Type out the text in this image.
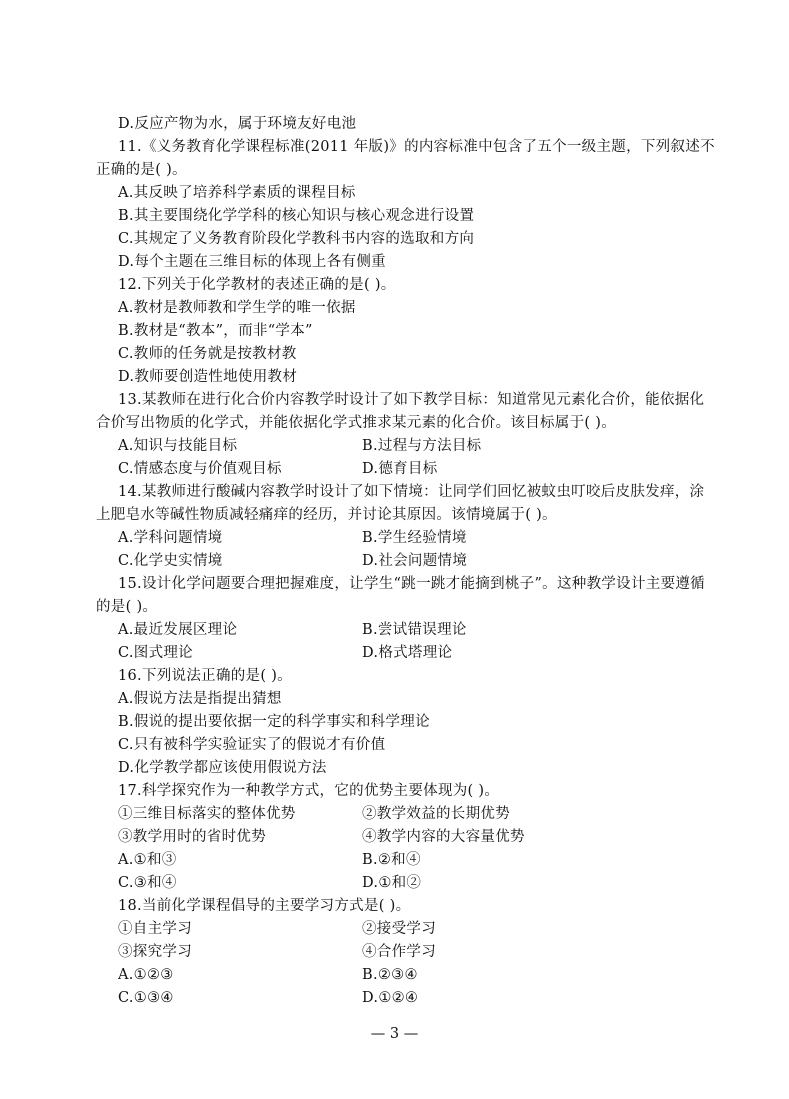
D.反应产物为水，属于环境友好电池
11.《义务教育化学课程标准(2011 年版)》的内容标准中包含了五个一级主题，下列叙述不
正确的是( )。
A.其反映了培养科学素质的课程目标
B.其主要围绕化学学科的核心知识与核心观念进行设置
C.其规定了义务教育阶段化学教科书内容的选取和方向
D.每个主题在三维目标的体现上各有侧重
12.下列关于化学教材的表述正确的是( )。
A.教材是教师教和学生学的唯一依据
B.教材是“教本”，而非“学本”
C.教师的任务就是按教材教
D.教师要创造性地使用教材
13.某教师在进行化合价内容教学时设计了如下教学目标：知道常见元素化合价，能依据化
合价写出物质的化学式，并能依据化学式推求某元素的化合价。该目标属于( )。
A.知识与技能目标	B.过程与方法目标
C.情感态度与价值观目标	D.德育目标
14.某教师进行酸碱内容教学时设计了如下情境：让同学们回忆被蚊虫叮咬后皮肤发痒，涂
上肥皂水等碱性物质减轻痛痒的经历，并讨论其原因。该情境属于( )。
A.学科问题情境	B.学生经验情境
C.化学史实情境	D.社会问题情境
15.设计化学问题要合理把握难度，让学生“跳一跳才能摘到桃子”。这种教学设计主要遵循
的是( )。
A.最近发展区理论	B.尝试错误理论
C.图式理论	D.格式塔理论
16.下列说法正确的是( )。
A.假说方法是指提出猜想
B.假说的提出要依据一定的科学事实和科学理论
C.只有被科学实验证实了的假说才有价值
D.化学教学都应该使用假说方法
17.科学探究作为一种教学方式，它的优势主要体现为( )。
①三维目标落实的整体优势	②教学效益的长期优势
③教学用时的省时优势	④教学内容的大容量优势
A.①和③	B.②和④
C.③和④	D.①和②
18.当前化学课程倡导的主要学习方式是( )。
①自主学习	②接受学习
③探究学习	④合作学习
A.①②③	B.②③④
C.①③④	D.①②④
— 3 —
